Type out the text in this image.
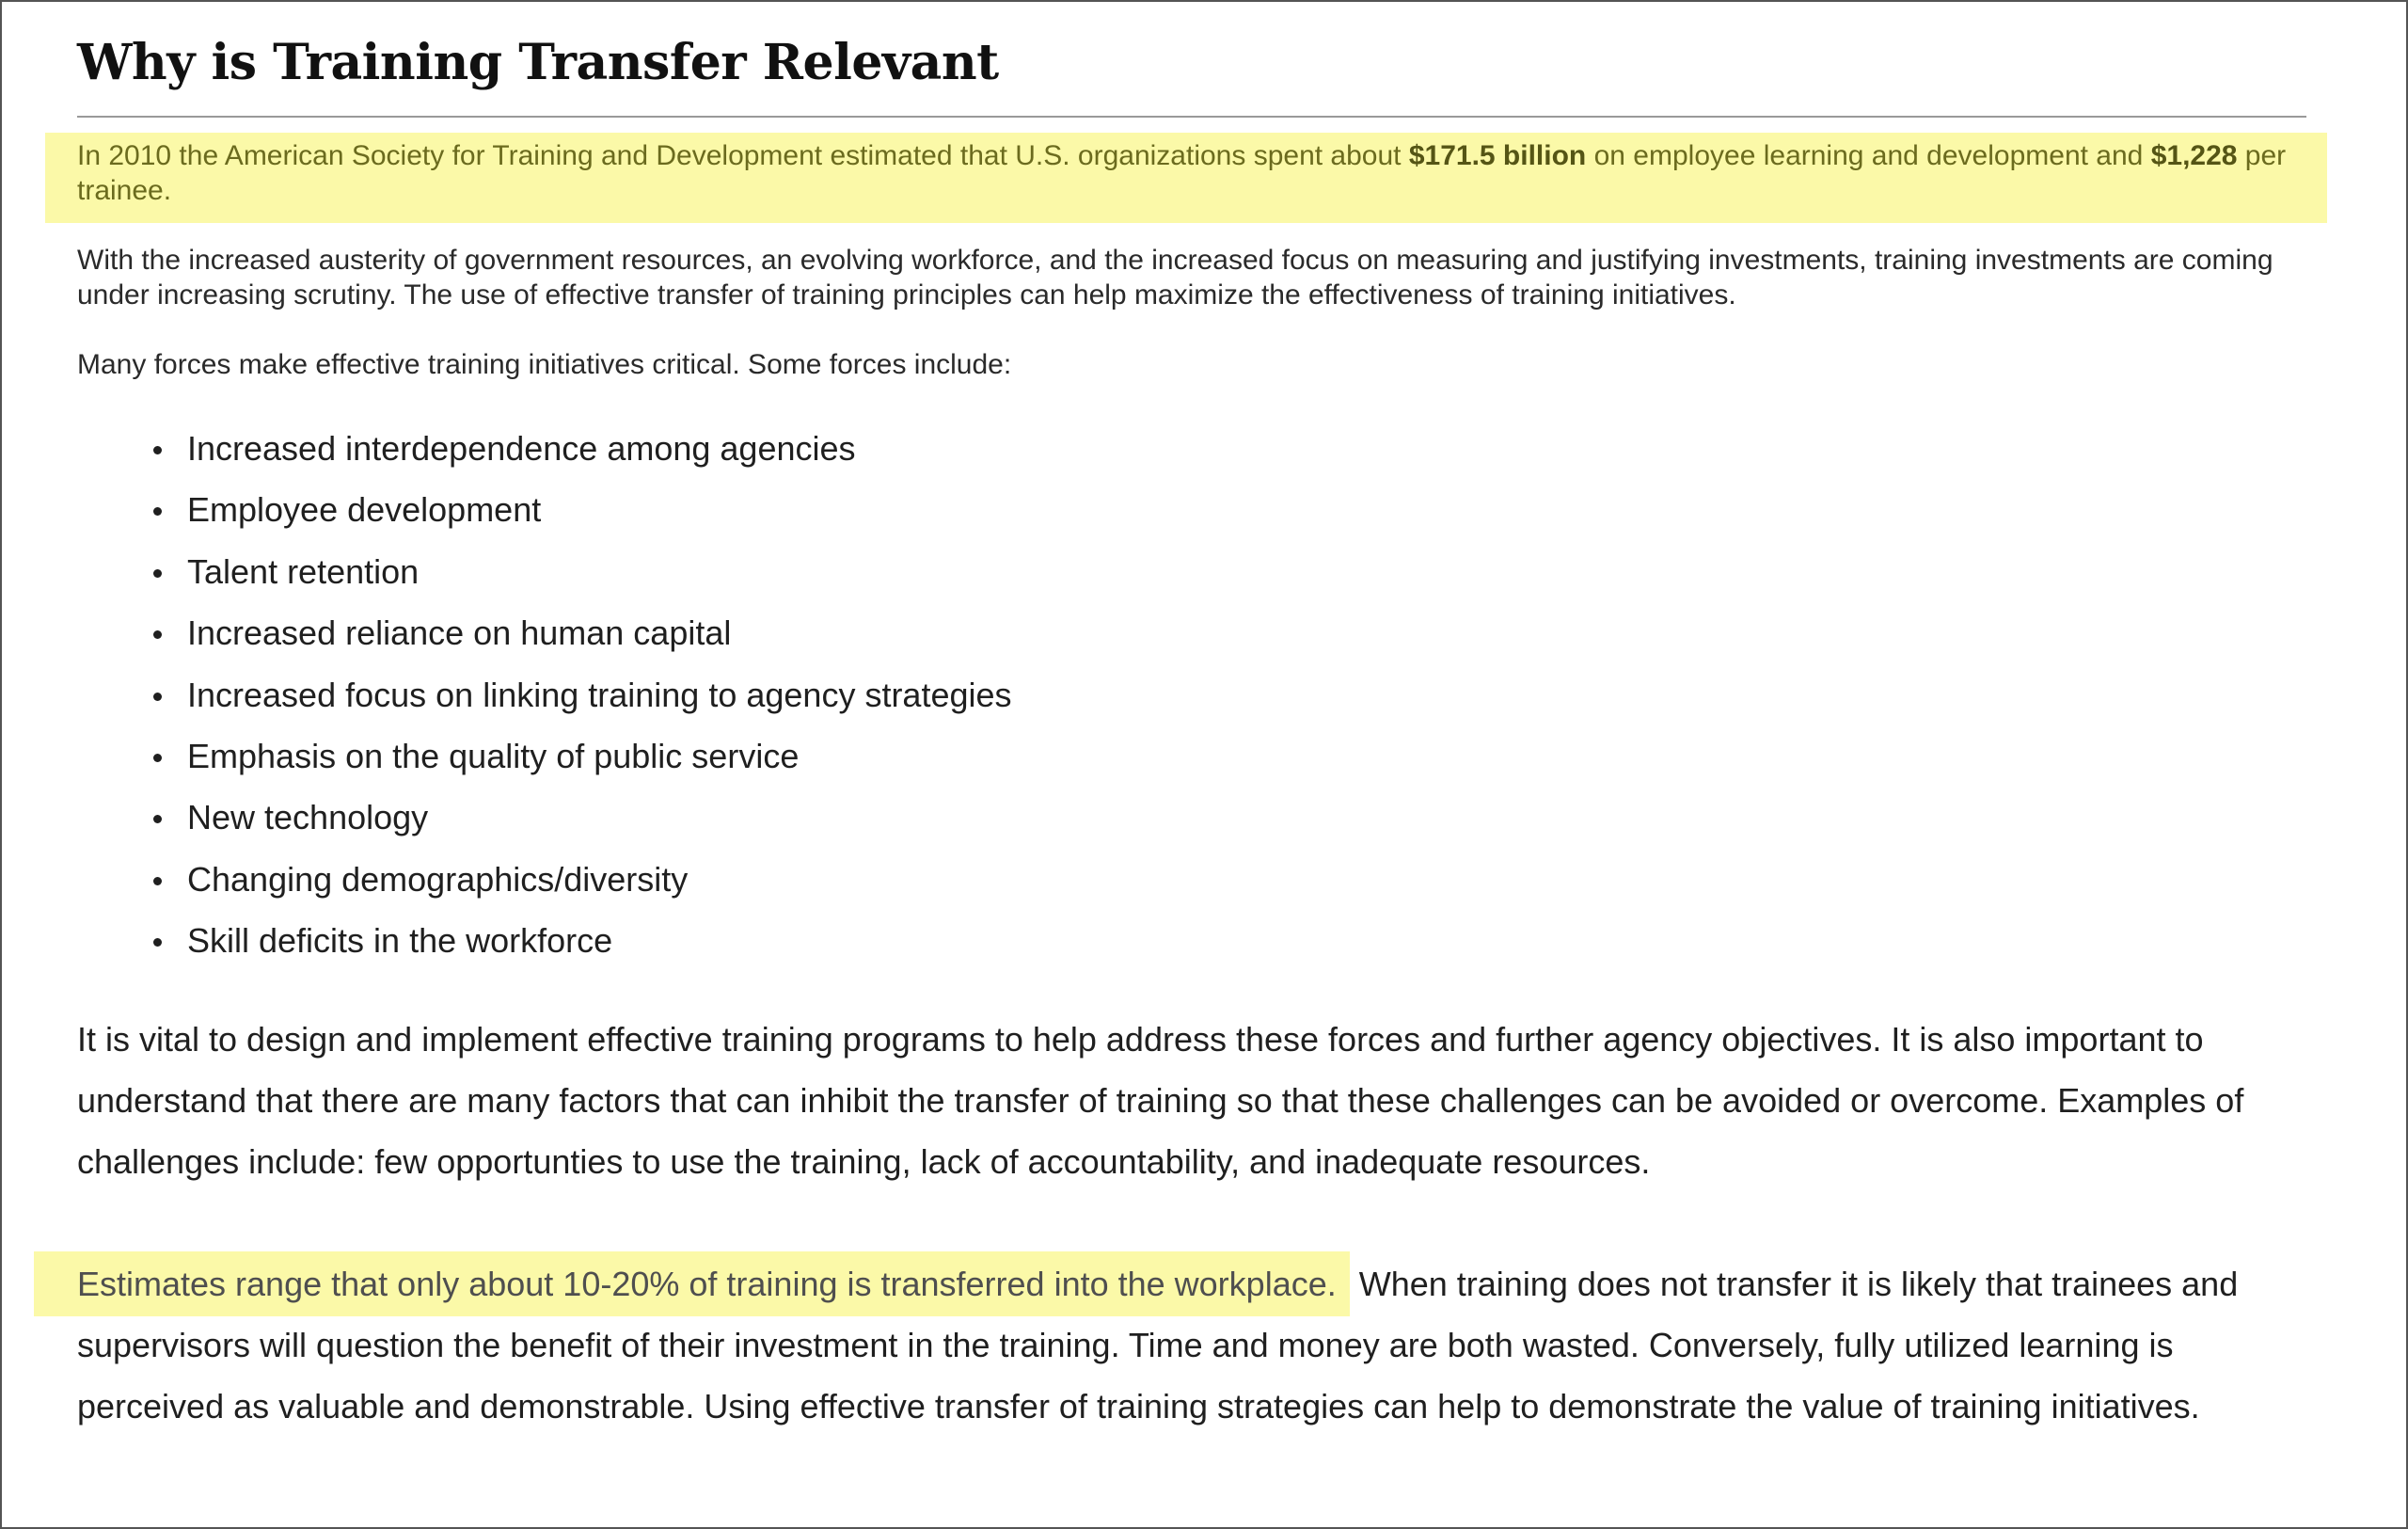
Why is Training Transfer Relevant

In 2010 the American Society for Training and Development estimated that U.S. organizations spent about $171.5 billion on employee learning and development and $1,228 per trainee.

With the increased austerity of government resources, an evolving workforce, and the increased focus on measuring and justifying investments, training investments are coming under increasing scrutiny. The use of effective transfer of training principles can help maximize the effectiveness of training initiatives.

Many forces make effective training initiatives critical. Some forces include:

Increased interdependence among agencies
Employee development
Talent retention
Increased reliance on human capital
Increased focus on linking training to agency strategies
Emphasis on the quality of public service
New technology
Changing demographics/diversity
Skill deficits in the workforce

It is vital to design and implement effective training programs to help address these forces and further agency objectives. It is also important to understand that there are many factors that can inhibit the transfer of training so that these challenges can be avoided or overcome. Examples of challenges include: few opportunties to use the training, lack of accountability, and inadequate resources.

Estimates range that only about 10-20% of training is transferred into the workplace. When training does not transfer it is likely that trainees and supervisors will question the benefit of their investment in the training. Time and money are both wasted. Conversely, fully utilized learning is perceived as valuable and demonstrable. Using effective transfer of training strategies can help to demonstrate the value of training initiatives.
